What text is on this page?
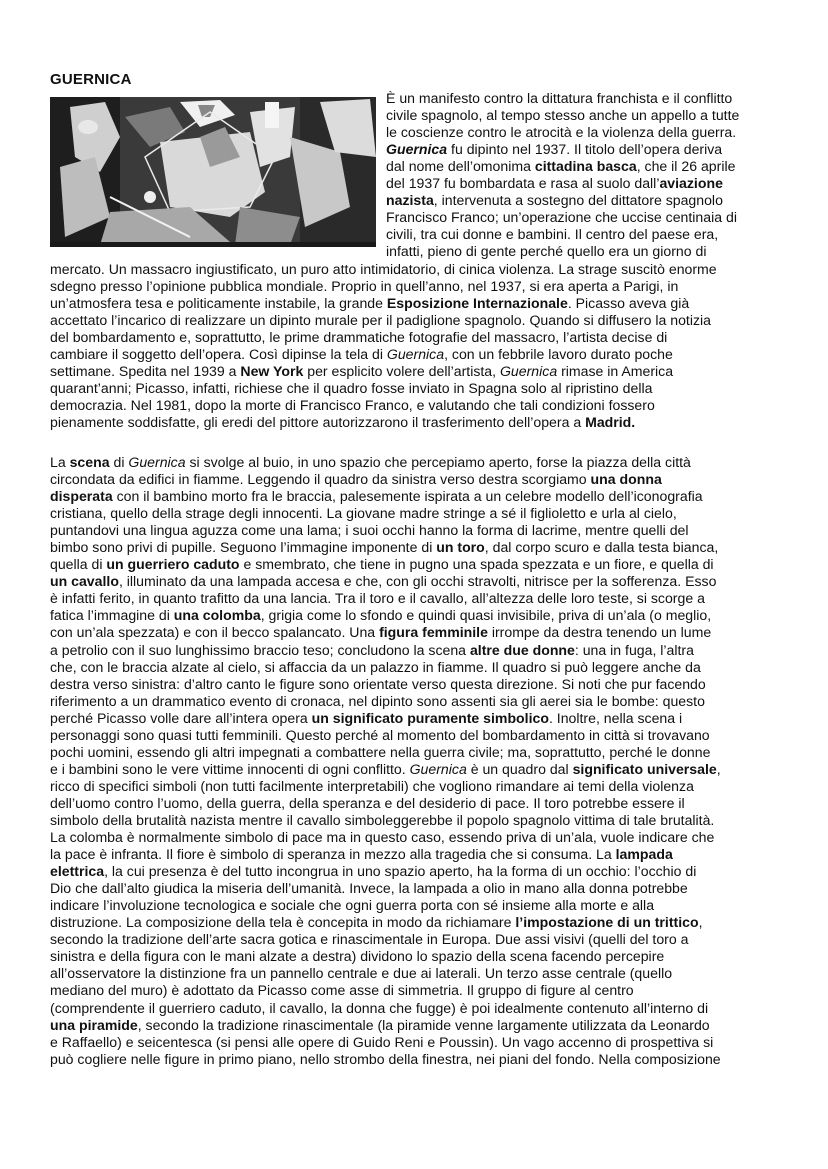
GUERNICA
È un manifesto contro la dittatura franchista e il conflitto
civile spagnolo, al tempo stesso anche un appello a tutte
le coscienze contro le atrocità e la violenza della guerra.
Guernica fu dipinto nel 1937. Il titolo dell’opera deriva
dal nome dell’omonima cittadina basca, che il 26 aprile
del 1937 fu bombardata e rasa al suolo dall’aviazione
nazista, intervenuta a sostegno del dittatore spagnolo
Francisco Franco; un’operazione che uccise centinaia di
civili, tra cui donne e bambini. Il centro del paese era,
infatti, pieno di gente perché quello era un giorno di
mercato. Un massacro ingiustificato, un puro atto intimidatorio, di cinica violenza. La strage suscitò enorme
sdegno presso l’opinione pubblica mondiale. Proprio in quell’anno, nel 1937, si era aperta a Parigi, in
un’atmosfera tesa e politicamente instabile, la grande Esposizione Internazionale. Picasso aveva già
accettato l’incarico di realizzare un dipinto murale per il padiglione spagnolo. Quando si diffusero la notizia
del bombardamento e, soprattutto, le prime drammatiche fotografie del massacro, l’artista decise di
cambiare il soggetto dell’opera. Così dipinse la tela di Guernica, con un febbrile lavoro durato poche
settimane. Spedita nel 1939 a New York per esplicito volere dell’artista, Guernica rimase in America
quarant’anni; Picasso, infatti, richiese che il quadro fosse inviato in Spagna solo al ripristino della
democrazia. Nel 1981, dopo la morte di Francisco Franco, e valutando che tali condizioni fossero
pienamente soddisfatte, gli eredi del pittore autorizzarono il trasferimento dell’opera a Madrid.
La scena di Guernica si svolge al buio, in uno spazio che percepiamo aperto, forse la piazza della città
circondata da edifici in fiamme. Leggendo il quadro da sinistra verso destra scorgiamo una donna
disperata con il bambino morto fra le braccia, palesemente ispirata a un celebre modello dell’iconografia
cristiana, quello della strage degli innocenti. La giovane madre stringe a sé il figlioletto e urla al cielo,
puntandovi una lingua aguzza come una lama; i suoi occhi hanno la forma di lacrime, mentre quelli del
bimbo sono privi di pupille. Seguono l’immagine imponente di un toro, dal corpo scuro e dalla testa bianca,
quella di un guerriero caduto e smembrato, che tiene in pugno una spada spezzata e un fiore, e quella di
un cavallo, illuminato da una lampada accesa e che, con gli occhi stravolti, nitrisce per la sofferenza. Esso
è infatti ferito, in quanto trafitto da una lancia. Tra il toro e il cavallo, all’altezza delle loro teste, si scorge a
fatica l’immagine di una colomba, grigia come lo sfondo e quindi quasi invisibile, priva di un’ala (o meglio,
con un’ala spezzata) e con il becco spalancato. Una figura femminile irrompe da destra tenendo un lume
a petrolio con il suo lunghissimo braccio teso; concludono la scena altre due donne: una in fuga, l’altra
che, con le braccia alzate al cielo, si affaccia da un palazzo in fiamme. Il quadro si può leggere anche da
destra verso sinistra: d’altro canto le figure sono orientate verso questa direzione. Si noti che pur facendo
riferimento a un drammatico evento di cronaca, nel dipinto sono assenti sia gli aerei sia le bombe: questo
perché Picasso volle dare all’intera opera un significato puramente simbolico. Inoltre, nella scena i
personaggi sono quasi tutti femminili. Questo perché al momento del bombardamento in città si trovavano
pochi uomini, essendo gli altri impegnati a combattere nella guerra civile; ma, soprattutto, perché le donne
e i bambini sono le vere vittime innocenti di ogni conflitto. Guernica è un quadro dal significato universale,
ricco di specifici simboli (non tutti facilmente interpretabili) che vogliono rimandare ai temi della violenza
dell’uomo contro l’uomo, della guerra, della speranza e del desiderio di pace. Il toro potrebbe essere il
simbolo della brutalità nazista mentre il cavallo simboleggerebbe il popolo spagnolo vittima di tale brutalità.
La colomba è normalmente simbolo di pace ma in questo caso, essendo priva di un’ala, vuole indicare che
la pace è infranta. Il fiore è simbolo di speranza in mezzo alla tragedia che si consuma. La lampada
elettrica, la cui presenza è del tutto incongrua in uno spazio aperto, ha la forma di un occhio: l’occhio di
Dio che dall’alto giudica la miseria dell’umanità. Invece, la lampada a olio in mano alla donna potrebbe
indicare l’involuzione tecnologica e sociale che ogni guerra porta con sé insieme alla morte e alla
distruzione. La composizione della tela è concepita in modo da richiamare l’impostazione di un trittico,
secondo la tradizione dell’arte sacra gotica e rinascimentale in Europa. Due assi visivi (quelli del toro a
sinistra e della figura con le mani alzate a destra) dividono lo spazio della scena facendo percepire
all’osservatore la distinzione fra un pannello centrale e due ai laterali. Un terzo asse centrale (quello
mediano del muro) è adottato da Picasso come asse di simmetria. Il gruppo di figure al centro
(comprendente il guerriero caduto, il cavallo, la donna che fugge) è poi idealmente contenuto all’interno di
una piramide, secondo la tradizione rinascimentale (la piramide venne largamente utilizzata da Leonardo
e Raffaello) e seicentesca (si pensi alle opere di Guido Reni e Poussin). Un vago accenno di prospettiva si
può cogliere nelle figure in primo piano, nello strombo della finestra, nei piani del fondo. Nella composizione
